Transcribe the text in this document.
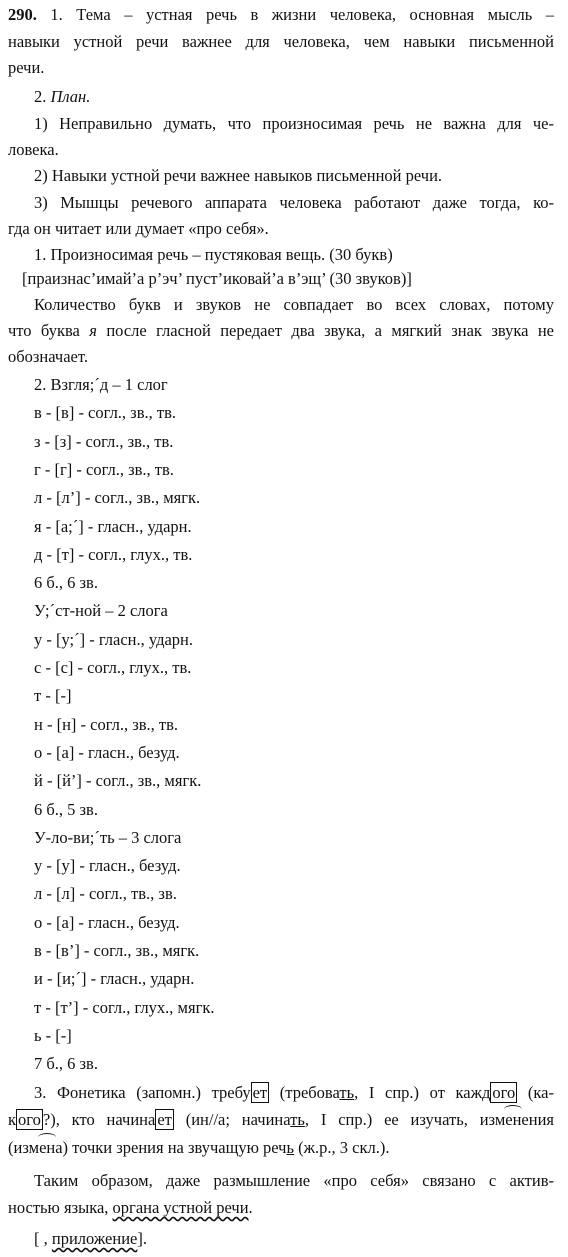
290. 1. Тема – устная речь в жизни человека, основная мысль –
навыки устной речи важнее для человека, чем навыки письменной
речи.
2. План.
1) Неправильно думать, что произносимая речь не важна для че-
ловека.
2) Навыки устной речи важнее навыков письменной речи.
3) Мышцы речевого аппарата человека работают даже тогда, ко-
гда он читает или думает «про себя».
1. Произносимая речь – пустяковая вещь. (30 букв)
[праизнас’имай’а р’эч’ пуст’иковай’а в’эщ’ (30 звуков)]
Количество букв и звуков не совпадает во всех словах, потому
что буква я после гласной передает два звука, а мягкий знак звука не
обозначает.
2. Взгля;´д – 1 слог
в - [в] - согл., зв., тв.
з - [з] - согл., зв., тв.
г - [г] - согл., зв., тв.
л - [л’] - согл., зв., мягк.
я - [а;´] - гласн., ударн.
д - [т] - согл., глух., тв.
6 б., 6 зв.
У;´ст-ной – 2 слога
у - [у;´] - гласн., ударн.
с - [с] - согл., глух., тв.
т - [-]
н - [н] - согл., зв., тв.
о - [а] - гласн., безуд.
й - [й’] - согл., зв., мягк.
6 б., 5 зв.
У-ло-ви;´ть – 3 слога
у - [у] - гласн., безуд.
л - [л] - согл., тв., зв.
о - [а] - гласн., безуд.
в - [в’] - согл., зв., мягк.
и - [и;´] - гласн., ударн.
т - [т’] - согл., глух., мягк.
ь - [-]
7 б., 6 зв.
3. Фонетика (запомн.) требу ет (требовать, I спр.) от кажд ого (ка-
к ого ?), кто начина ет (ин//а; начинать, I спр.) ее изучать, изменения
(измена) точки зрения на звучащую речь (ж.р., 3 скл.).
Таким образом, даже размышление «про себя» связано с актив-
ностью языка, органа устной речи.
[ , приложение].
